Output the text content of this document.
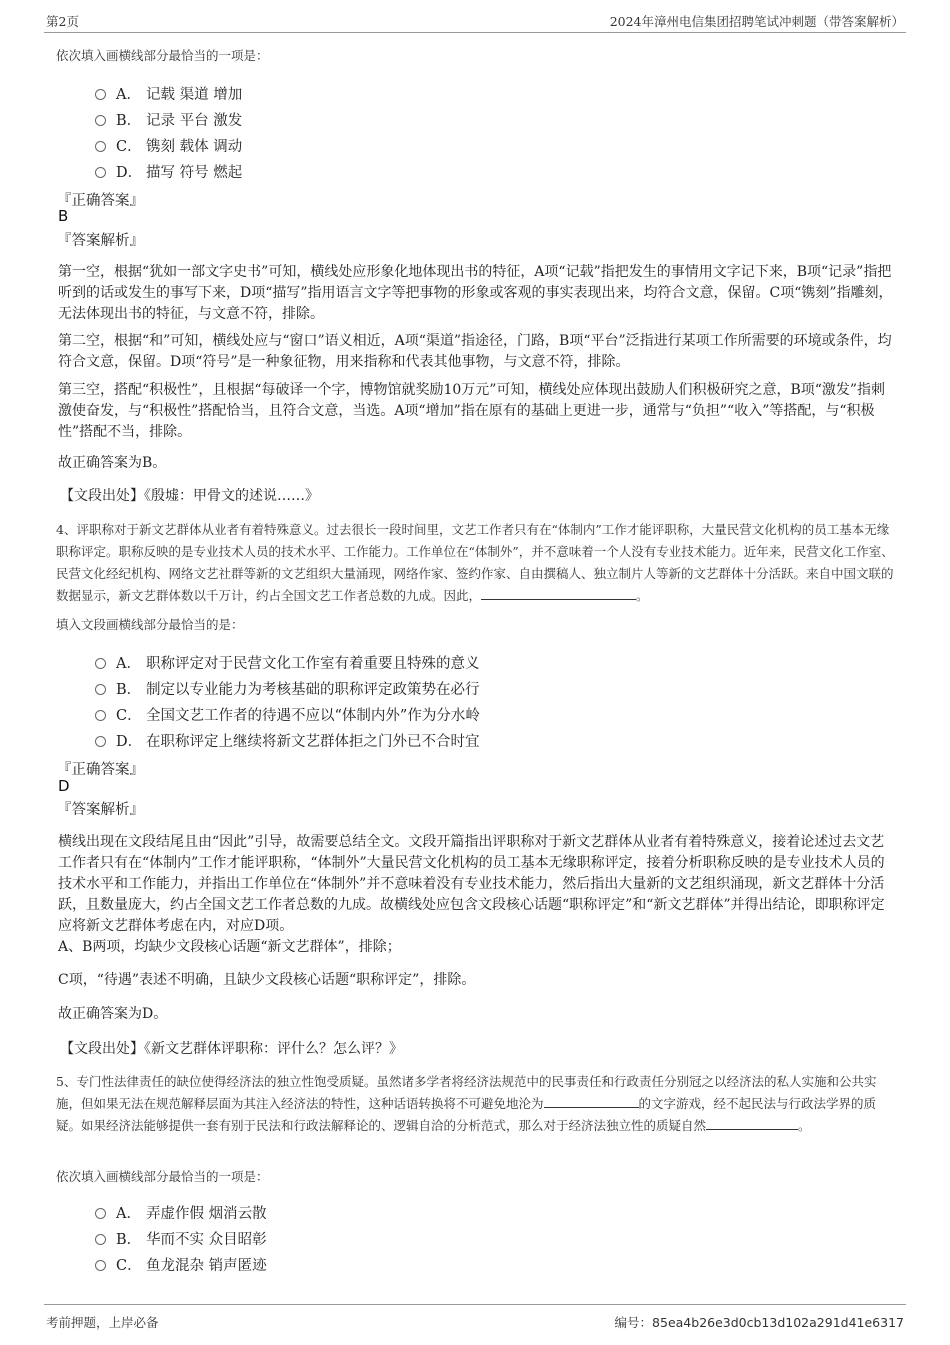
第2页	2024年漳州电信集团招聘笔试冲刺题（带答案解析）
依次填入画横线部分最恰当的一项是：
A． 记载 渠道 增加
B． 记录 平台 激发
C． 镌刻 载体 调动
D． 描写 符号 燃起
『正确答案』
B
『答案解析』
第一空，根据“犹如一部文字史书”可知，横线处应形象化地体现出书的特征，A项“记载”指把发生的事情用文字记下来，B项“记录”指把听到的话或发生的事写下来，D项“描写”指用语言文字等把事物的形象或客观的事实表现出来，均符合文意，保留。C项“镌刻”指雕刻，无法体现出书的特征，与文意不符，排除。
第二空，根据“和”可知，横线处应与“窗口”语义相近，A项“渠道”指途径，门路，B项“平台”泛指进行某项工作所需要的环境或条件，均符合文意，保留。D项“符号”是一种象征物，用来指称和代表其他事物，与文意不符，排除。
第三空，搭配“积极性”，且根据“每破译一个字，博物馆就奖励10万元”可知，横线处应体现出鼓励人们积极研究之意，B项“激发”指刺激使奋发，与“积极性”搭配恰当，且符合文意，当选。A项“增加”指在原有的基础上更进一步，通常与“负担”“收入”等搭配，与“积极性”搭配不当，排除。
故正确答案为B。
【文段出处】《殷墟：甲骨文的述说……》
4、评职称对于新文艺群体从业者有着特殊意义。过去很长一段时间里，文艺工作者只有在“体制内”工作才能评职称，大量民营文化机构的员工基本无缘职称评定。职称反映的是专业技术人员的技术水平、工作能力。工作单位在“体制外”，并不意味着一个人没有专业技术能力。近年来，民营文化工作室、民营文化经纪机构、网络文艺社群等新的文艺组织大量涌现，网络作家、签约作家、自由撰稿人、独立制片人等新的文艺群体十分活跃。来自中国文联的数据显示，新文艺群体数以千万计，约占全国文艺工作者总数的九成。因此，	。
填入文段画横线部分最恰当的是：
A． 职称评定对于民营文化工作室有着重要且特殊的意义
B． 制定以专业能力为考核基础的职称评定政策势在必行
C． 全国文艺工作者的待遇不应以“体制内外”作为分水岭
D． 在职称评定上继续将新文艺群体拒之门外已不合时宜
『正确答案』
D
『答案解析』
横线出现在文段结尾且由“因此”引导，故需要总结全文。文段开篇指出评职称对于新文艺群体从业者有着特殊意义，接着论述过去文艺工作者只有在“体制内”工作才能评职称，“体制外”大量民营文化机构的员工基本无缘职称评定，接着分析职称反映的是专业技术人员的技术水平和工作能力，并指出工作单位在“体制外”并不意味着没有专业技术能力，然后指出大量新的文艺组织涌现，新文艺群体十分活跃，且数量庞大，约占全国文艺工作者总数的九成。故横线处应包含文段核心话题“职称评定”和“新文艺群体”并得出结论，即职称评定应将新文艺群体考虑在内，对应D项。
A、B两项，均缺少文段核心话题“新文艺群体”，排除；
C项，“待遇”表述不明确，且缺少文段核心话题“职称评定”，排除。
故正确答案为D。
【文段出处】《新文艺群体评职称：评什么？怎么评？》
5、专门性法律责任的缺位使得经济法的独立性饱受质疑。虽然诸多学者将经济法规范中的民事责任和行政责任分别冠之以经济法的私人实施和公共实施，但如果无法在规范解释层面为其注入经济法的特性，这种话语转换将不可避免地沦为	的文字游戏，经不起民法与行政法学界的质疑。如果经济法能够提供一套有别于民法和行政法解释论的、逻辑自洽的分析范式，那么对于经济法独立性的质疑自然	。
依次填入画横线部分最恰当的一项是：
A． 弄虚作假 烟消云散
B． 华而不实 众目昭彰
C． 鱼龙混杂 销声匿迹
考前押题，上岸必备	编号：85ea4b26e3d0cb13d102a291d41e6317
